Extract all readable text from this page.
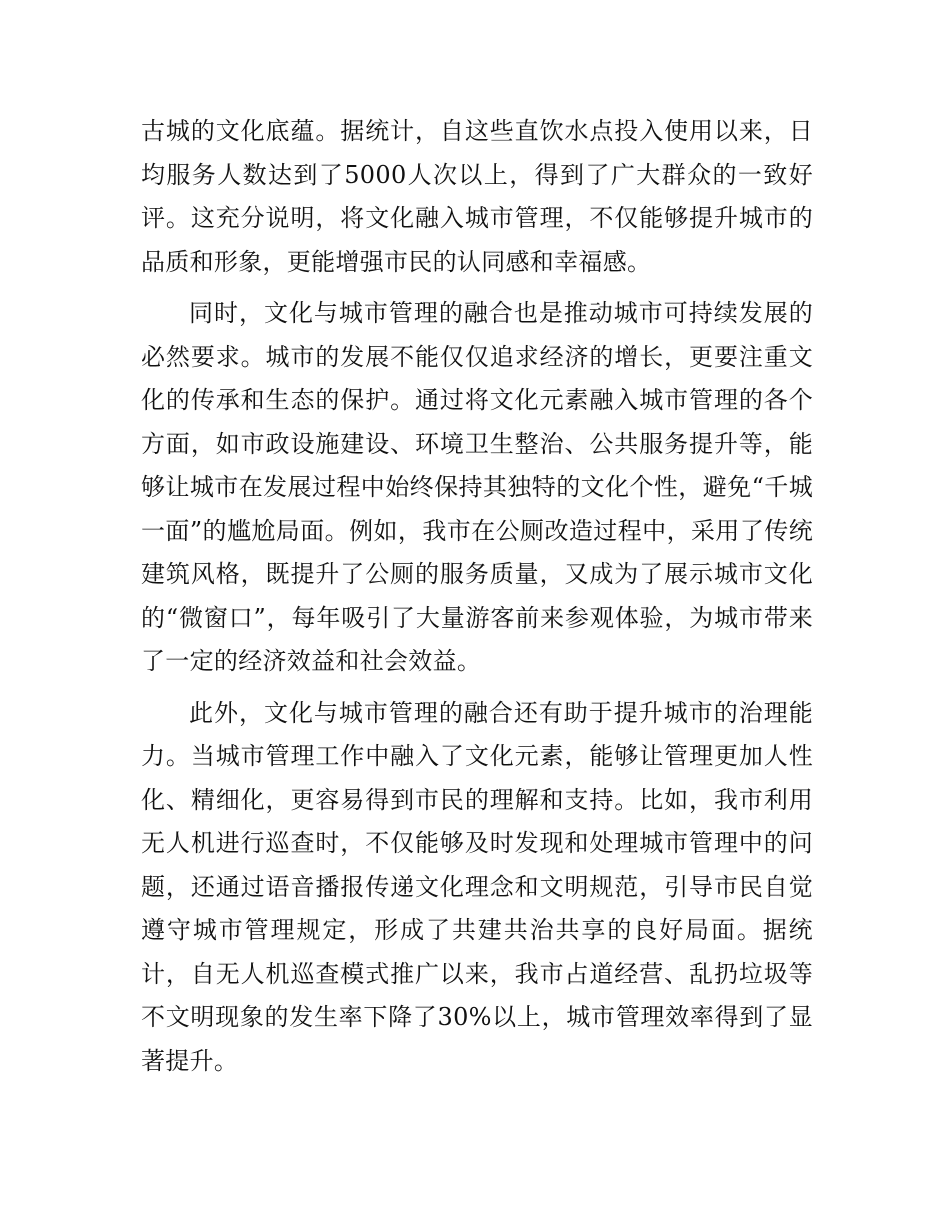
古城的文化底蕴。据统计，自这些直饮水点投入使用以来，日均服务人数达到了5000人次以上，得到了广大群众的一致好评。这充分说明，将文化融入城市管理，不仅能够提升城市的品质和形象，更能增强市民的认同感和幸福感。

同时，文化与城市管理的融合也是推动城市可持续发展的必然要求。城市的发展不能仅仅追求经济的增长，更要注重文化的传承和生态的保护。通过将文化元素融入城市管理的各个方面，如市政设施建设、环境卫生整治、公共服务提升等，能够让城市在发展过程中始终保持其独特的文化个性，避免“千城一面”的尴尬局面。例如，我市在公厕改造过程中，采用了传统建筑风格，既提升了公厕的服务质量，又成为了展示城市文化的“微窗口”，每年吸引了大量游客前来参观体验，为城市带来了一定的经济效益和社会效益。

此外，文化与城市管理的融合还有助于提升城市的治理能力。当城市管理工作中融入了文化元素，能够让管理更加人性化、精细化，更容易得到市民的理解和支持。比如，我市利用无人机进行巡查时，不仅能够及时发现和处理城市管理中的问题，还通过语音播报传递文化理念和文明规范，引导市民自觉遵守城市管理规定，形成了共建共治共享的良好局面。据统计，自无人机巡查模式推广以来，我市占道经营、乱扔垃圾等不文明现象的发生率下降了30%以上，城市管理效率得到了显著提升。
